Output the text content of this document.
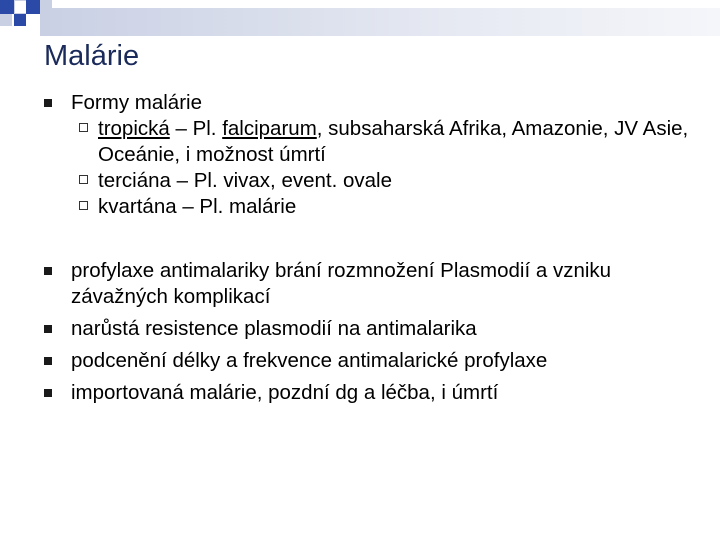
Malárie
Formy malárie
tropická – Pl. falciparum, subsaharská Afrika, Amazonie, JV Asie, Oceánie, i možnost úmrtí
terciána – Pl. vivax, event. ovale
kvartána – Pl. malárie
profylaxe antimalariky brání rozmnožení Plasmodií a vzniku závažných komplikací
narůstá resistence plasmodií na antimalarika
podcenění délky a frekvence antimalarické profylaxe
importovaná malárie, pozdní dg a léčba, i úmrtí
